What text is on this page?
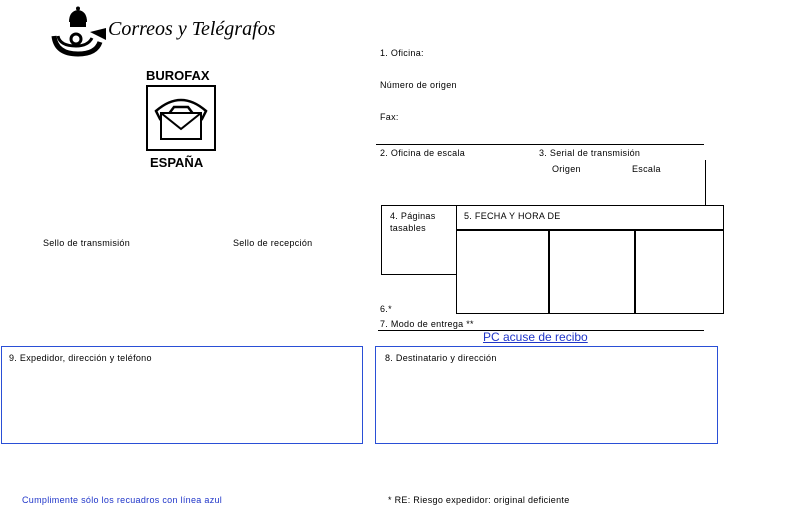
Correos y Telégrafos
BUROFAX
ESPAÑA
Sello de transmisión	Sello de recepción
1. Oficina:
Número de origen
Fax:
2. Oficina de escala	3. Serial de transmisión
Origen	Escala
4. Páginas tasables
5. FECHA Y HORA DE
6.*
7. Modo de entrega **
PC acuse de recibo
9. Expedidor, dirección y teléfono	8. Destinatario y dirección
Cumplimente sólo los recuadros con línea azul	* RE: Riesgo expedidor: original deficiente
